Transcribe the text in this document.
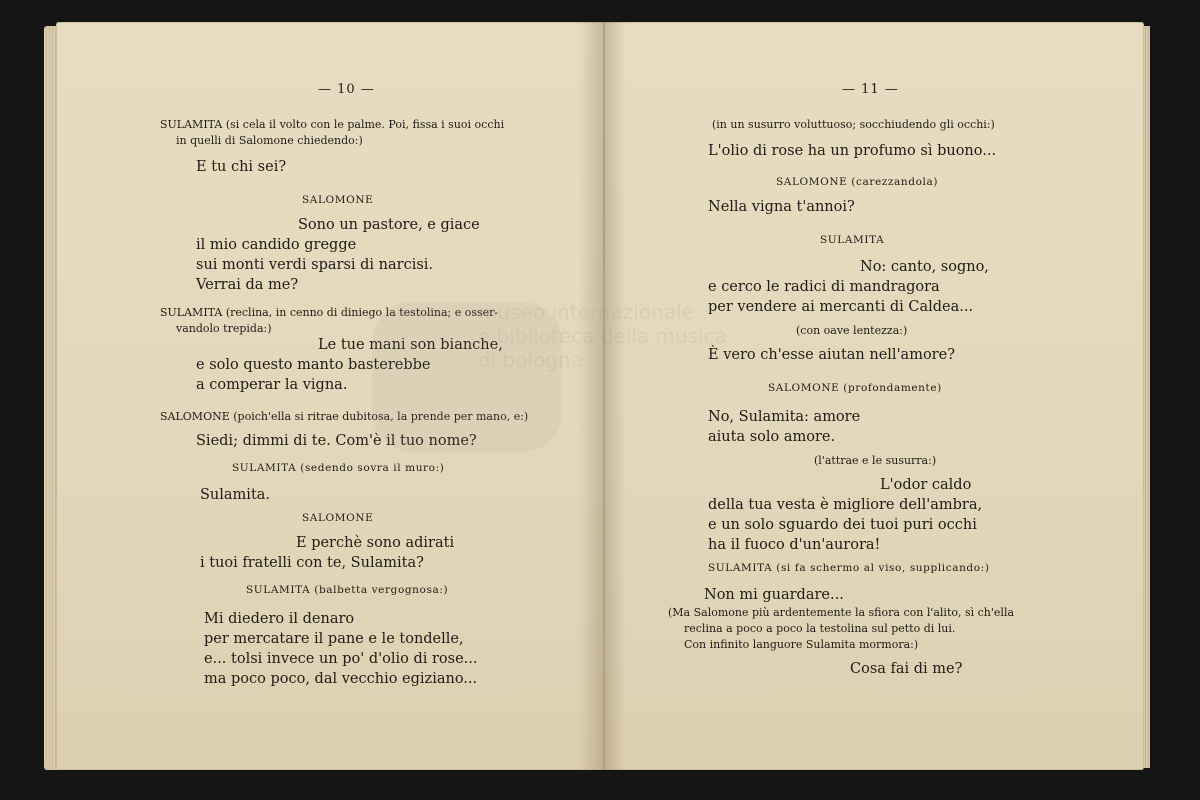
— 10 —

SULAMITA (si cela il volto con le palme. Poi, fissa i suoi occhi

in quelli di Salomone chiedendo:)

E tu chi sei?

SALOMONE

Sono un pastore, e giace

il mio candido gregge

sui monti verdi sparsi di narcisi.

Verrai da me?

SULAMITA (reclina, in cenno di diniego la testolina; e osser-

vandolo trepida:)

Le tue mani son bianche,

e solo questo manto basterebbe

a comperar la vigna.

SALOMONE (poich'ella si ritrae dubitosa, la prende per mano, e:)

Siedi; dimmi di te. Com'è il tuo nome?

SULAMITA (sedendo sovra il muro:)

Sulamita.

SALOMONE

E perchè sono adirati

i tuoi fratelli con te, Sulamita?

SULAMITA (balbetta vergognosa:)

Mi diedero il denaro

per mercatare il pane e le tondelle,

e... tolsi invece un po' d'olio di rose...

ma poco poco, dal vecchio egiziano...

— 11 —

(in un susurro voluttuoso; socchiudendo gli occhi:)

L'olio di rose ha un profumo sì buono...

SALOMONE (carezzandola)

Nella vigna t'annoi?

SULAMITA

No: canto, sogno,

e cerco le radici di mandragora

per vendere ai mercanti di Caldea...

(con oave lentezza:)

È vero ch'esse aiutan nell'amore?

SALOMONE (profondamente)

No, Sulamita: amore

aiuta solo amore.

(l'attrae e le susurra:)

L'odor caldo

della tua vesta è migliore dell'ambra,

e un solo sguardo dei tuoi puri occhi

ha il fuoco d'un'aurora!

SULAMITA (si fa schermo al viso, supplicando:)

Non mi guardare...

(Ma Salomone più ardentemente la sfiora con l'alito, sì ch'ella

reclina a poco a poco la testolina sul petto di lui.

Con infinito languore Sulamita mormora:)

Cosa fai di me?
